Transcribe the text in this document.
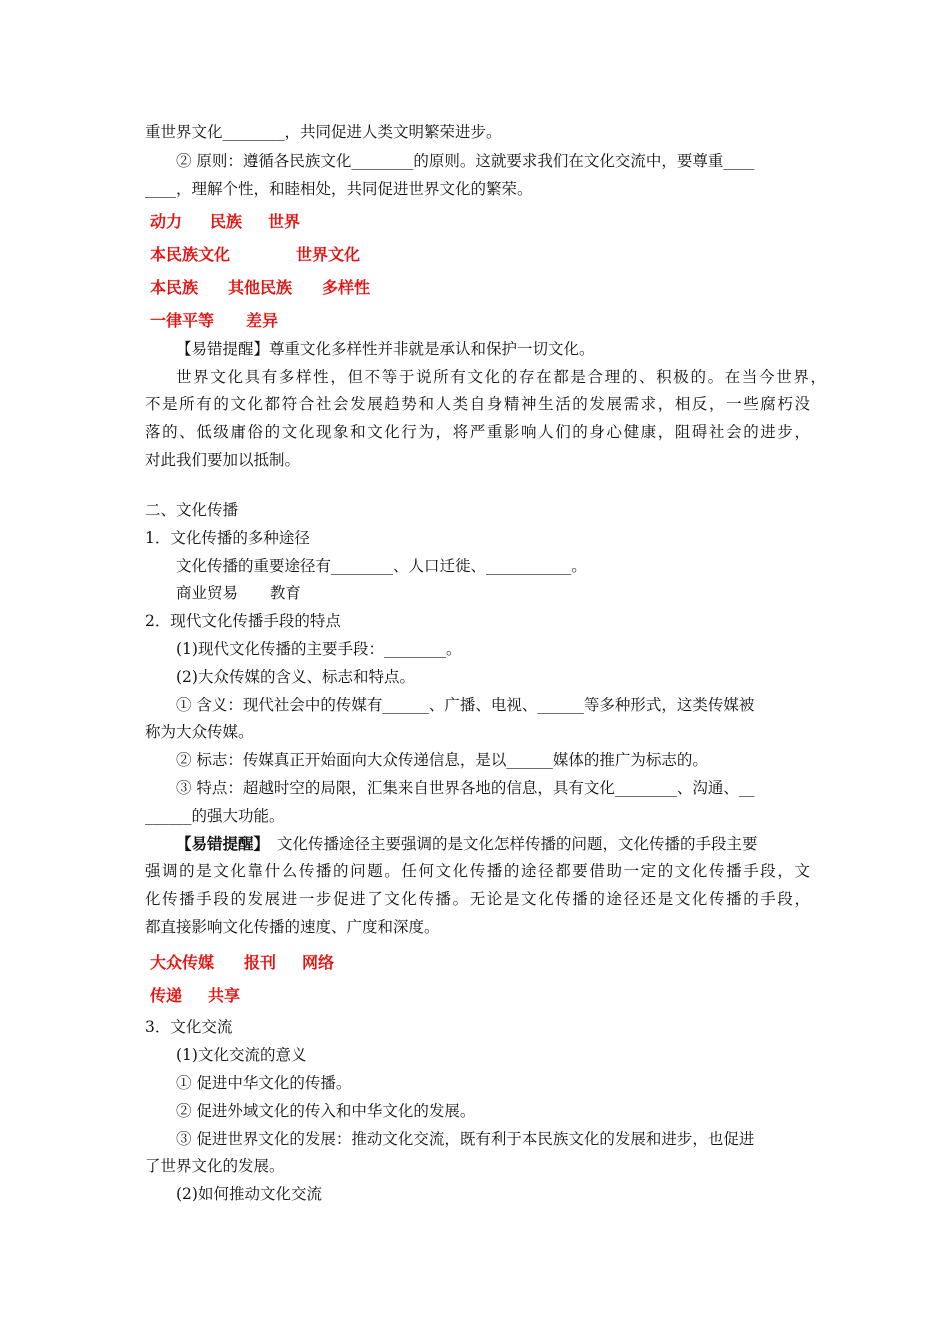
重世界文化________，共同促进人类文明繁荣进步。
② 原则：遵循各民族文化________的原则。这就要求我们在文化交流中，要尊重____
____，理解个性，和睦相处，共同促进世界文化的繁荣。
动力 民族 世界
本民族文化	世界文化
本民族 其他民族 多样性
一律平等 差异
【易错提醒】尊重文化多样性并非就是承认和保护一切文化。
世界文化具有多样性，但不等于说所有文化的存在都是合理的、积极的。在当今世界，
不是所有的文化都符合社会发展趋势和人类自身精神生活的发展需求，相反，一些腐朽没
落的、低级庸俗的文化现象和文化行为，将严重影响人们的身心健康，阻碍社会的进步，
对此我们要加以抵制。
二、文化传播
1．文化传播的多种途径
文化传播的重要途径有________、人口迁徙、___________。
商业贸易 教育
2．现代文化传播手段的特点
(1)现代文化传播的主要手段：________。
(2)大众传媒的含义、标志和特点。
① 含义：现代社会中的传媒有______、广播、电视、______等多种形式，这类传媒被
称为大众传媒。
② 标志：传媒真正开始面向大众传递信息，是以______媒体的推广为标志的。
③ 特点：超越时空的局限，汇集来自世界各地的信息，具有文化________、沟通、__
______的强大功能。
【易错提醒】 文化传播途径主要强调的是文化怎样传播的问题，文化传播的手段主要
强调的是文化靠什么传播的问题。任何文化传播的途径都要借助一定的文化传播手段，文
化传播手段的发展进一步促进了文化传播。无论是文化传播的途径还是文化传播的手段，
都直接影响文化传播的速度、广度和深度。
大众传媒 报刊 网络
传递 共享
3．文化交流
(1)文化交流的意义
① 促进中华文化的传播。
② 促进外域文化的传入和中华文化的发展。
③ 促进世界文化的发展：推动文化交流，既有利于本民族文化的发展和进步，也促进
了世界文化的发展。
(2)如何推动文化交流
